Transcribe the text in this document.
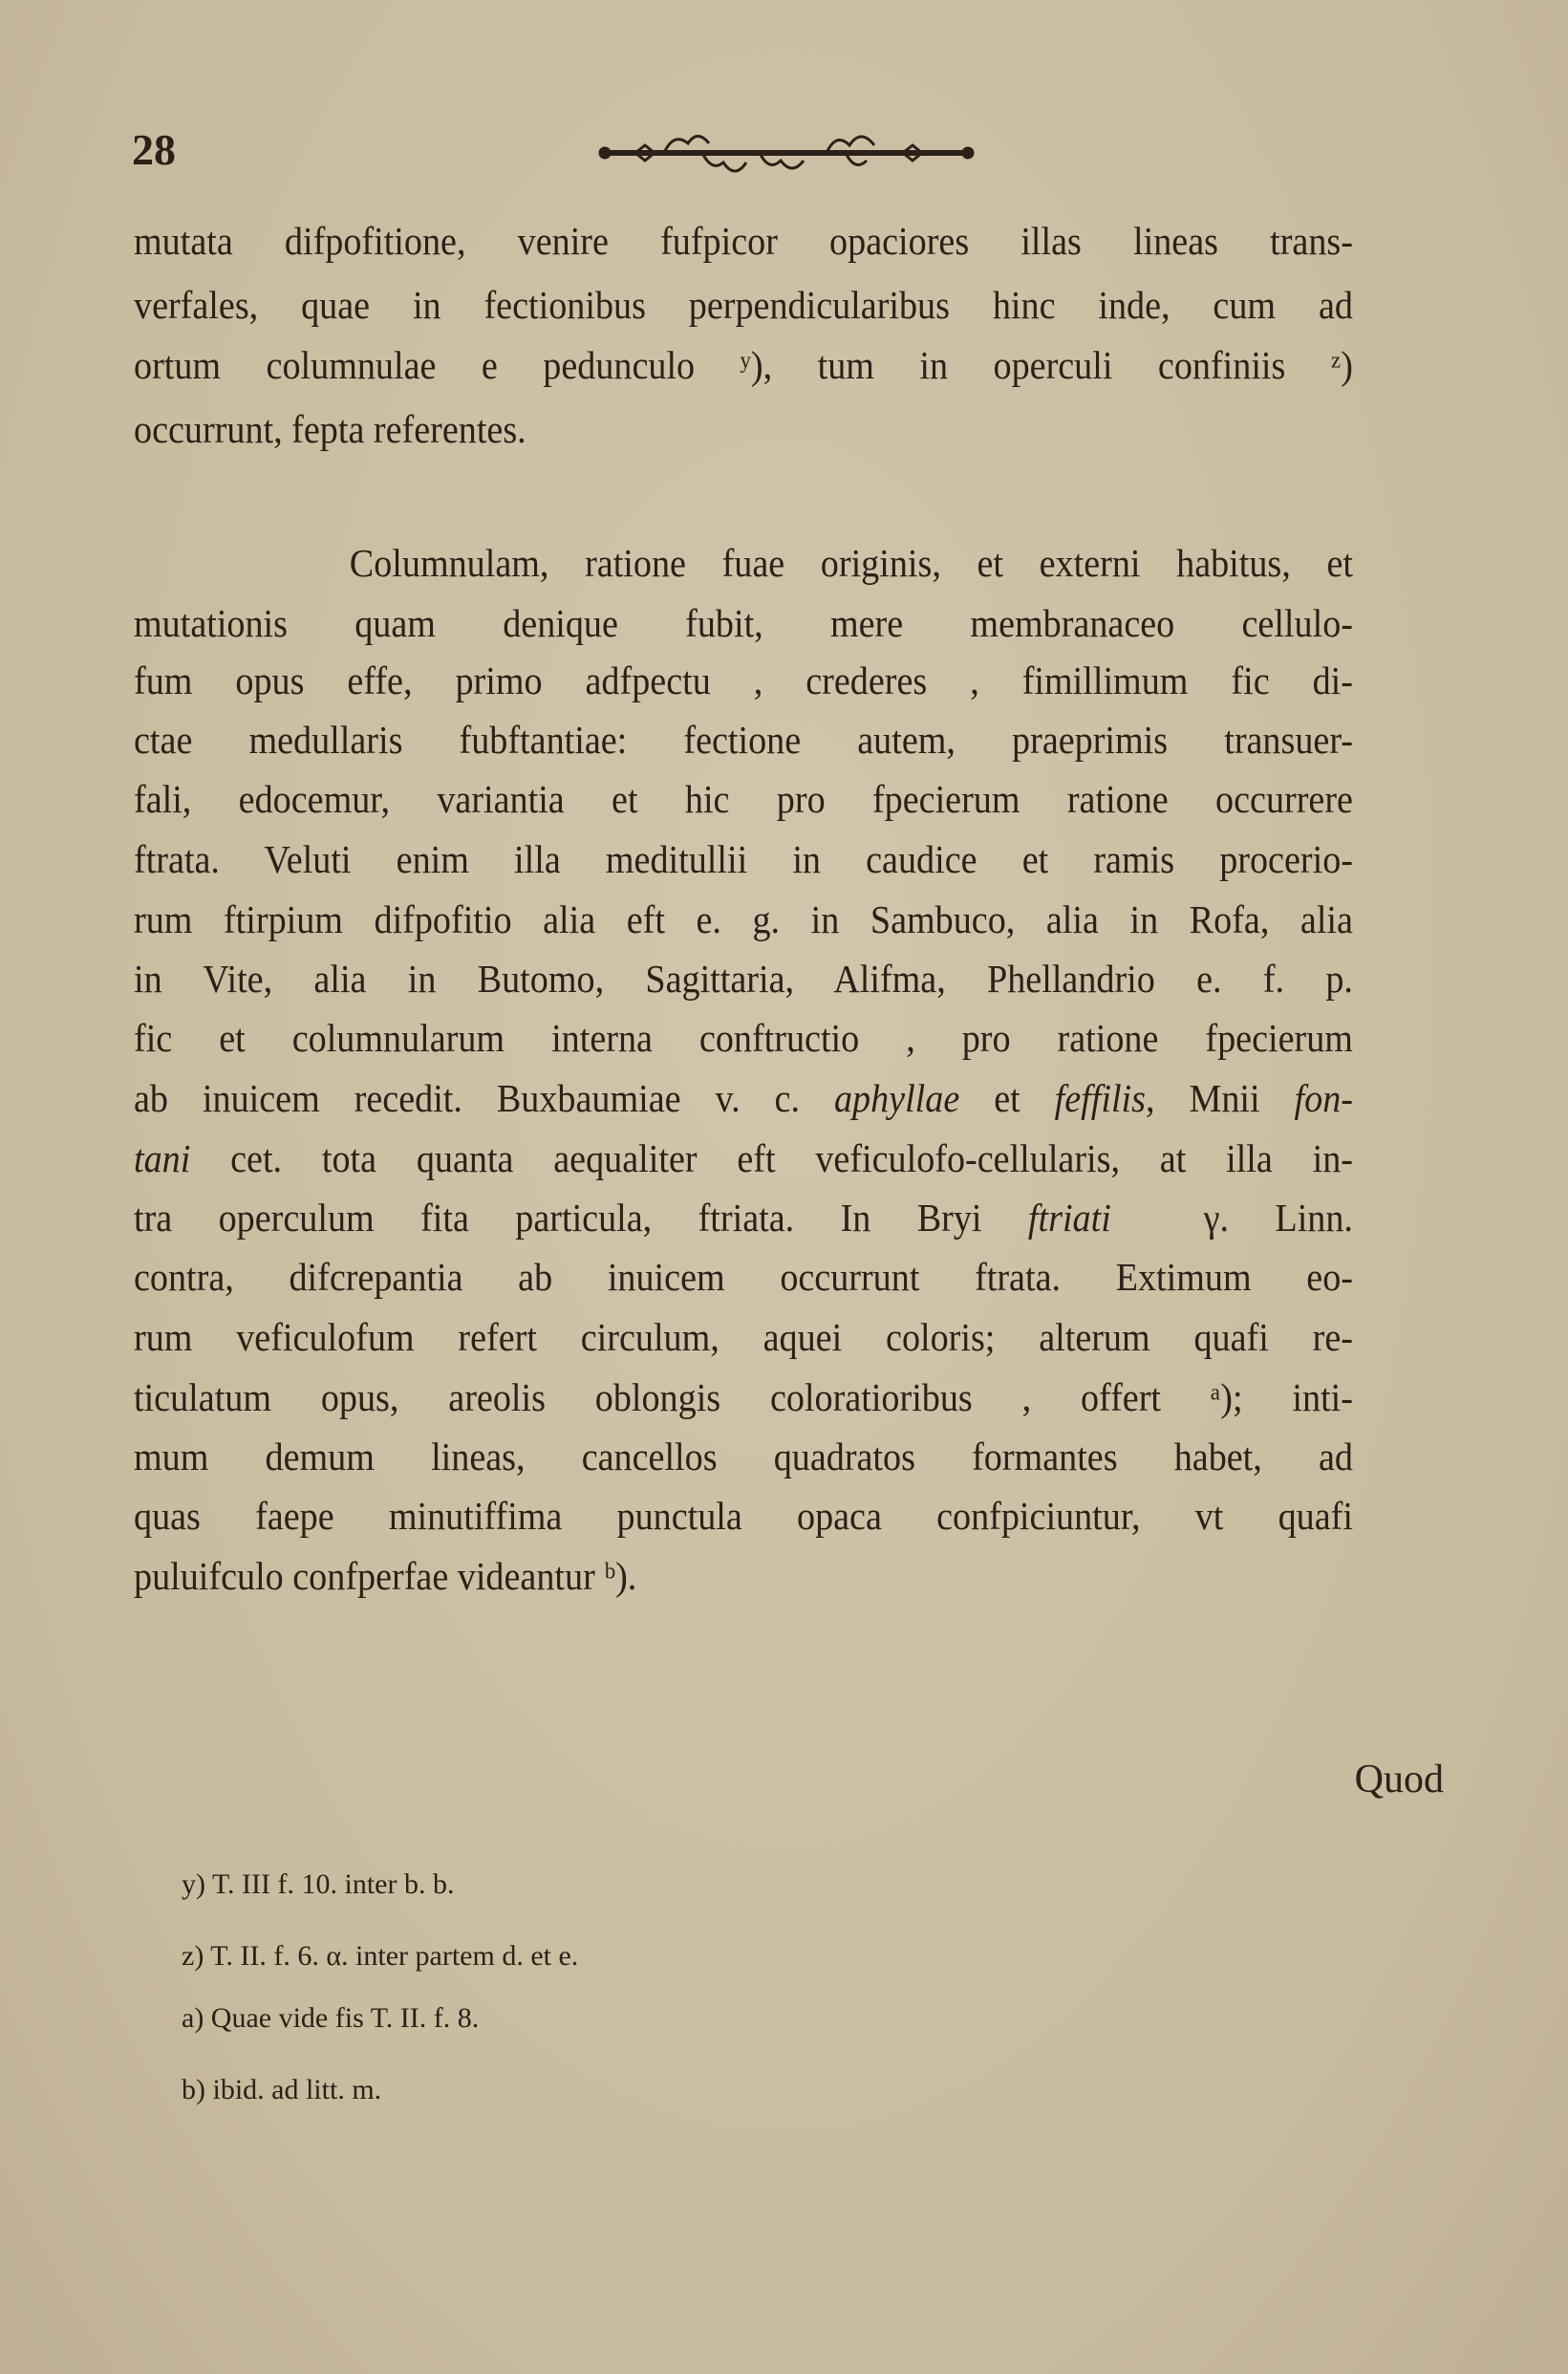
28
mutata difpofitione, venire fufpicor opaciores illas lineas trans-
verfales, quae in fectionibus perpendicularibus hinc inde, cum ad
ortum columnulae e pedunculo ʸ), tum in operculi confiniis ᶻ)
occurrunt, fepta referentes.
Columnulam, ratione fuae originis, et externi habitus, et
mutationis quam denique fubit, mere membranaceo cellulo-
fum opus effe, primo adfpectu , crederes , fimillimum fic di-
ctae medullaris fubftantiae: fectione autem, praeprimis transuer-
fali, edocemur, variantia et hic pro fpecierum ratione occurrere
ftrata. Veluti enim illa meditullii in caudice et ramis procerio-
rum ftirpium difpofitio alia eft e. g. in Sambuco, alia in Rofa, alia
in Vite, alia in Butomo, Sagittaria, Alifma, Phellandrio e. f. p.
fic et columnularum interna conftructio , pro ratione fpecierum
ab inuicem recedit. Buxbaumiae v. c. aphyllae et feffilis, Mnii fon-
tani cet. tota quanta aequaliter eft veficulofo-cellularis, at illa in-
tra operculum fita particula, ftriata. In Bryi ftriati  γ. Linn.
contra, difcrepantia ab inuicem occurrunt ftrata. Extimum eo-
rum veficulofum refert circulum, aquei coloris; alterum quafi re-
ticulatum opus, areolis oblongis coloratioribus , offert ᵃ); inti-
mum demum lineas, cancellos quadratos formantes habet, ad
quas faepe minutiffima punctula opaca confpiciuntur, vt quafi
puluifculo confperfae videantur ᵇ).
Quod
y) T. III f. 10. inter b. b.
z) T. II. f. 6. α. inter partem d. et e.
a) Quae vide fis T. II. f. 8.
b) ibid. ad litt. m.
